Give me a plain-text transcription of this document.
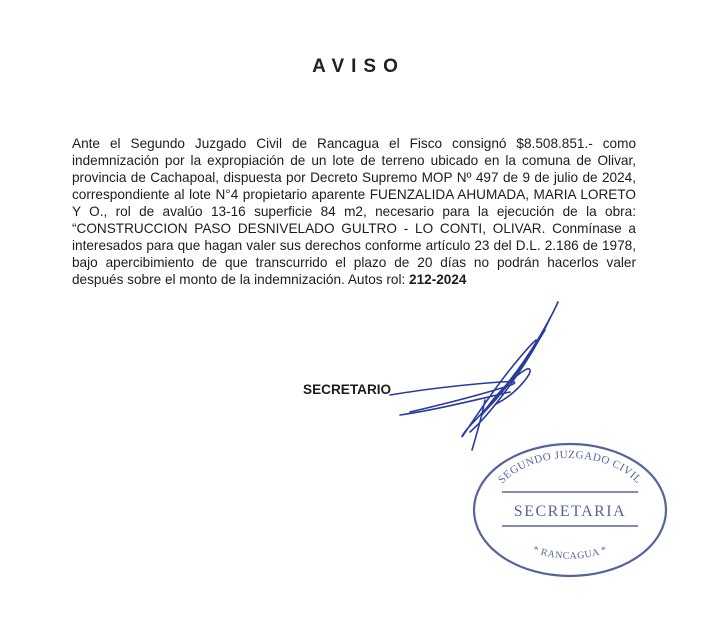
AVISO
Ante el Segundo Juzgado Civil de Rancagua el Fisco consignó $8.508.851.- como indemnización por la expropiación de un lote de terreno ubicado en la comuna de Olivar, provincia de Cachapoal, dispuesta por Decreto Supremo MOP Nº 497 de 9 de julio de 2024, correspondiente al lote N°4 propietario aparente FUENZALIDA AHUMADA, MARIA LORETO Y O., rol de avalúo 13-16 superficie 84 m2, necesario para la ejecución de la obra: “CONSTRUCCION PASO DESNIVELADO GULTRO - LO CONTI, OLIVAR. Conmínase a interesados para que hagan valer sus derechos conforme artículo 23 del D.L. 2.186 de 1978, bajo apercibimiento de que transcurrido el plazo de 20 días no podrán hacerlos valer después sobre el monto de la indemnización. Autos rol: 212-2024
SECRETARIO
SEGUNDO JUZGADO CIVIL
SECRETARIA
* RANCAGUA *
